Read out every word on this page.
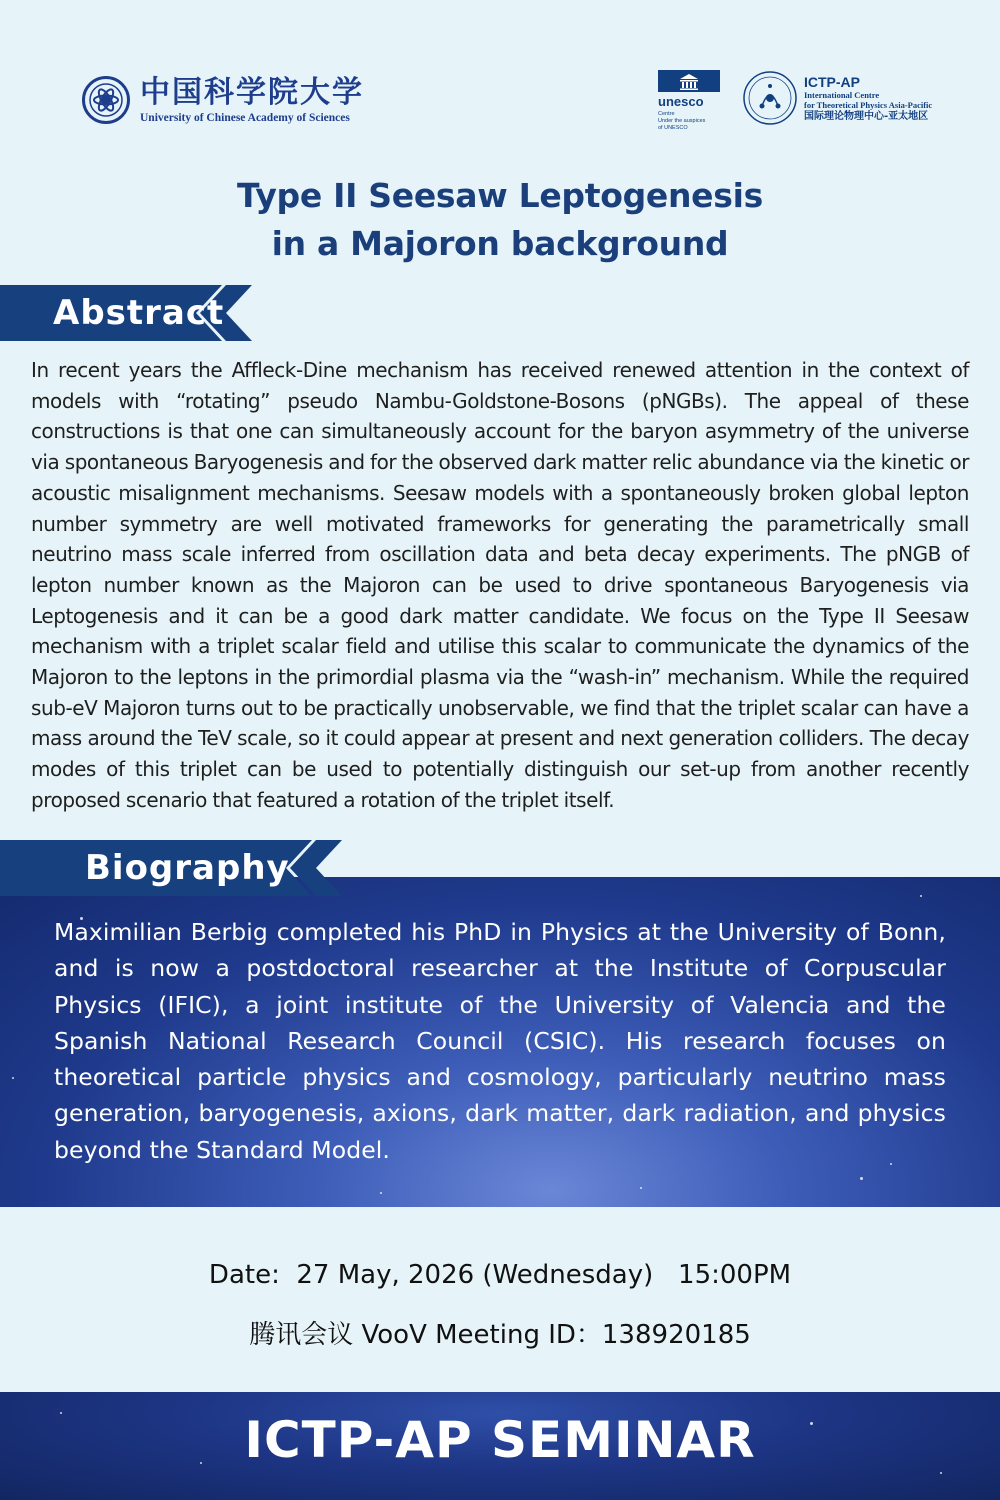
中国科学院大学
University of Chinese Academy of Sciences
unesco
Centre
Under the auspices
of UNESCO
ICTP-AP
International Centre
for Theoretical Physics Asia-Pacific
国际理论物理中心-亚太地区
Type II Seesaw Leptogenesis
in a Majoron background
Abstract
In recent years the Affleck-Dine mechanism has received renewed attention in the context of models with “rotating” pseudo Nambu-Goldstone-Bosons (pNGBs). The appeal of these constructions is that one can simultaneously account for the baryon asymmetry of the universe via spontaneous Baryogenesis and for the observed dark matter relic abundance via the kinetic or acoustic misalignment mechanisms. Seesaw models with a spontaneously broken global lepton number symmetry are well motivated frameworks for generating the parametrically small neutrino mass scale inferred from oscillation data and beta decay experiments. The pNGB of lepton number known as the Majoron can be used to drive spontaneous Baryogenesis via Leptogenesis and it can be a good dark matter candidate. We focus on the Type II Seesaw mechanism with a triplet scalar field and utilise this scalar to communicate the dynamics of the Majoron to the leptons in the primordial plasma via the “wash-in” mechanism. While the required sub-eV Majoron turns out to be practically unobservable, we find that the triplet scalar can have a mass around the TeV scale, so it could appear at present and next generation colliders. The decay modes of this triplet can be used to potentially distinguish our set-up from another recently proposed scenario that featured a rotation of the triplet itself.
Biography
Maximilian Berbig completed his PhD in Physics at the University of Bonn, and is now a postdoctoral researcher at the Institute of Corpuscular Physics (IFIC), a joint institute of the University of Valencia and the Spanish National Research Council (CSIC). His research focuses on theoretical particle physics and cosmology, particularly neutrino mass generation, baryogenesis, axions, dark matter, dark radiation, and physics beyond the Standard Model.
Date:  27 May, 2026 (Wednesday)   15:00PM
腾讯会议 VooV Meeting ID：138920185
ICTP-AP SEMINAR
